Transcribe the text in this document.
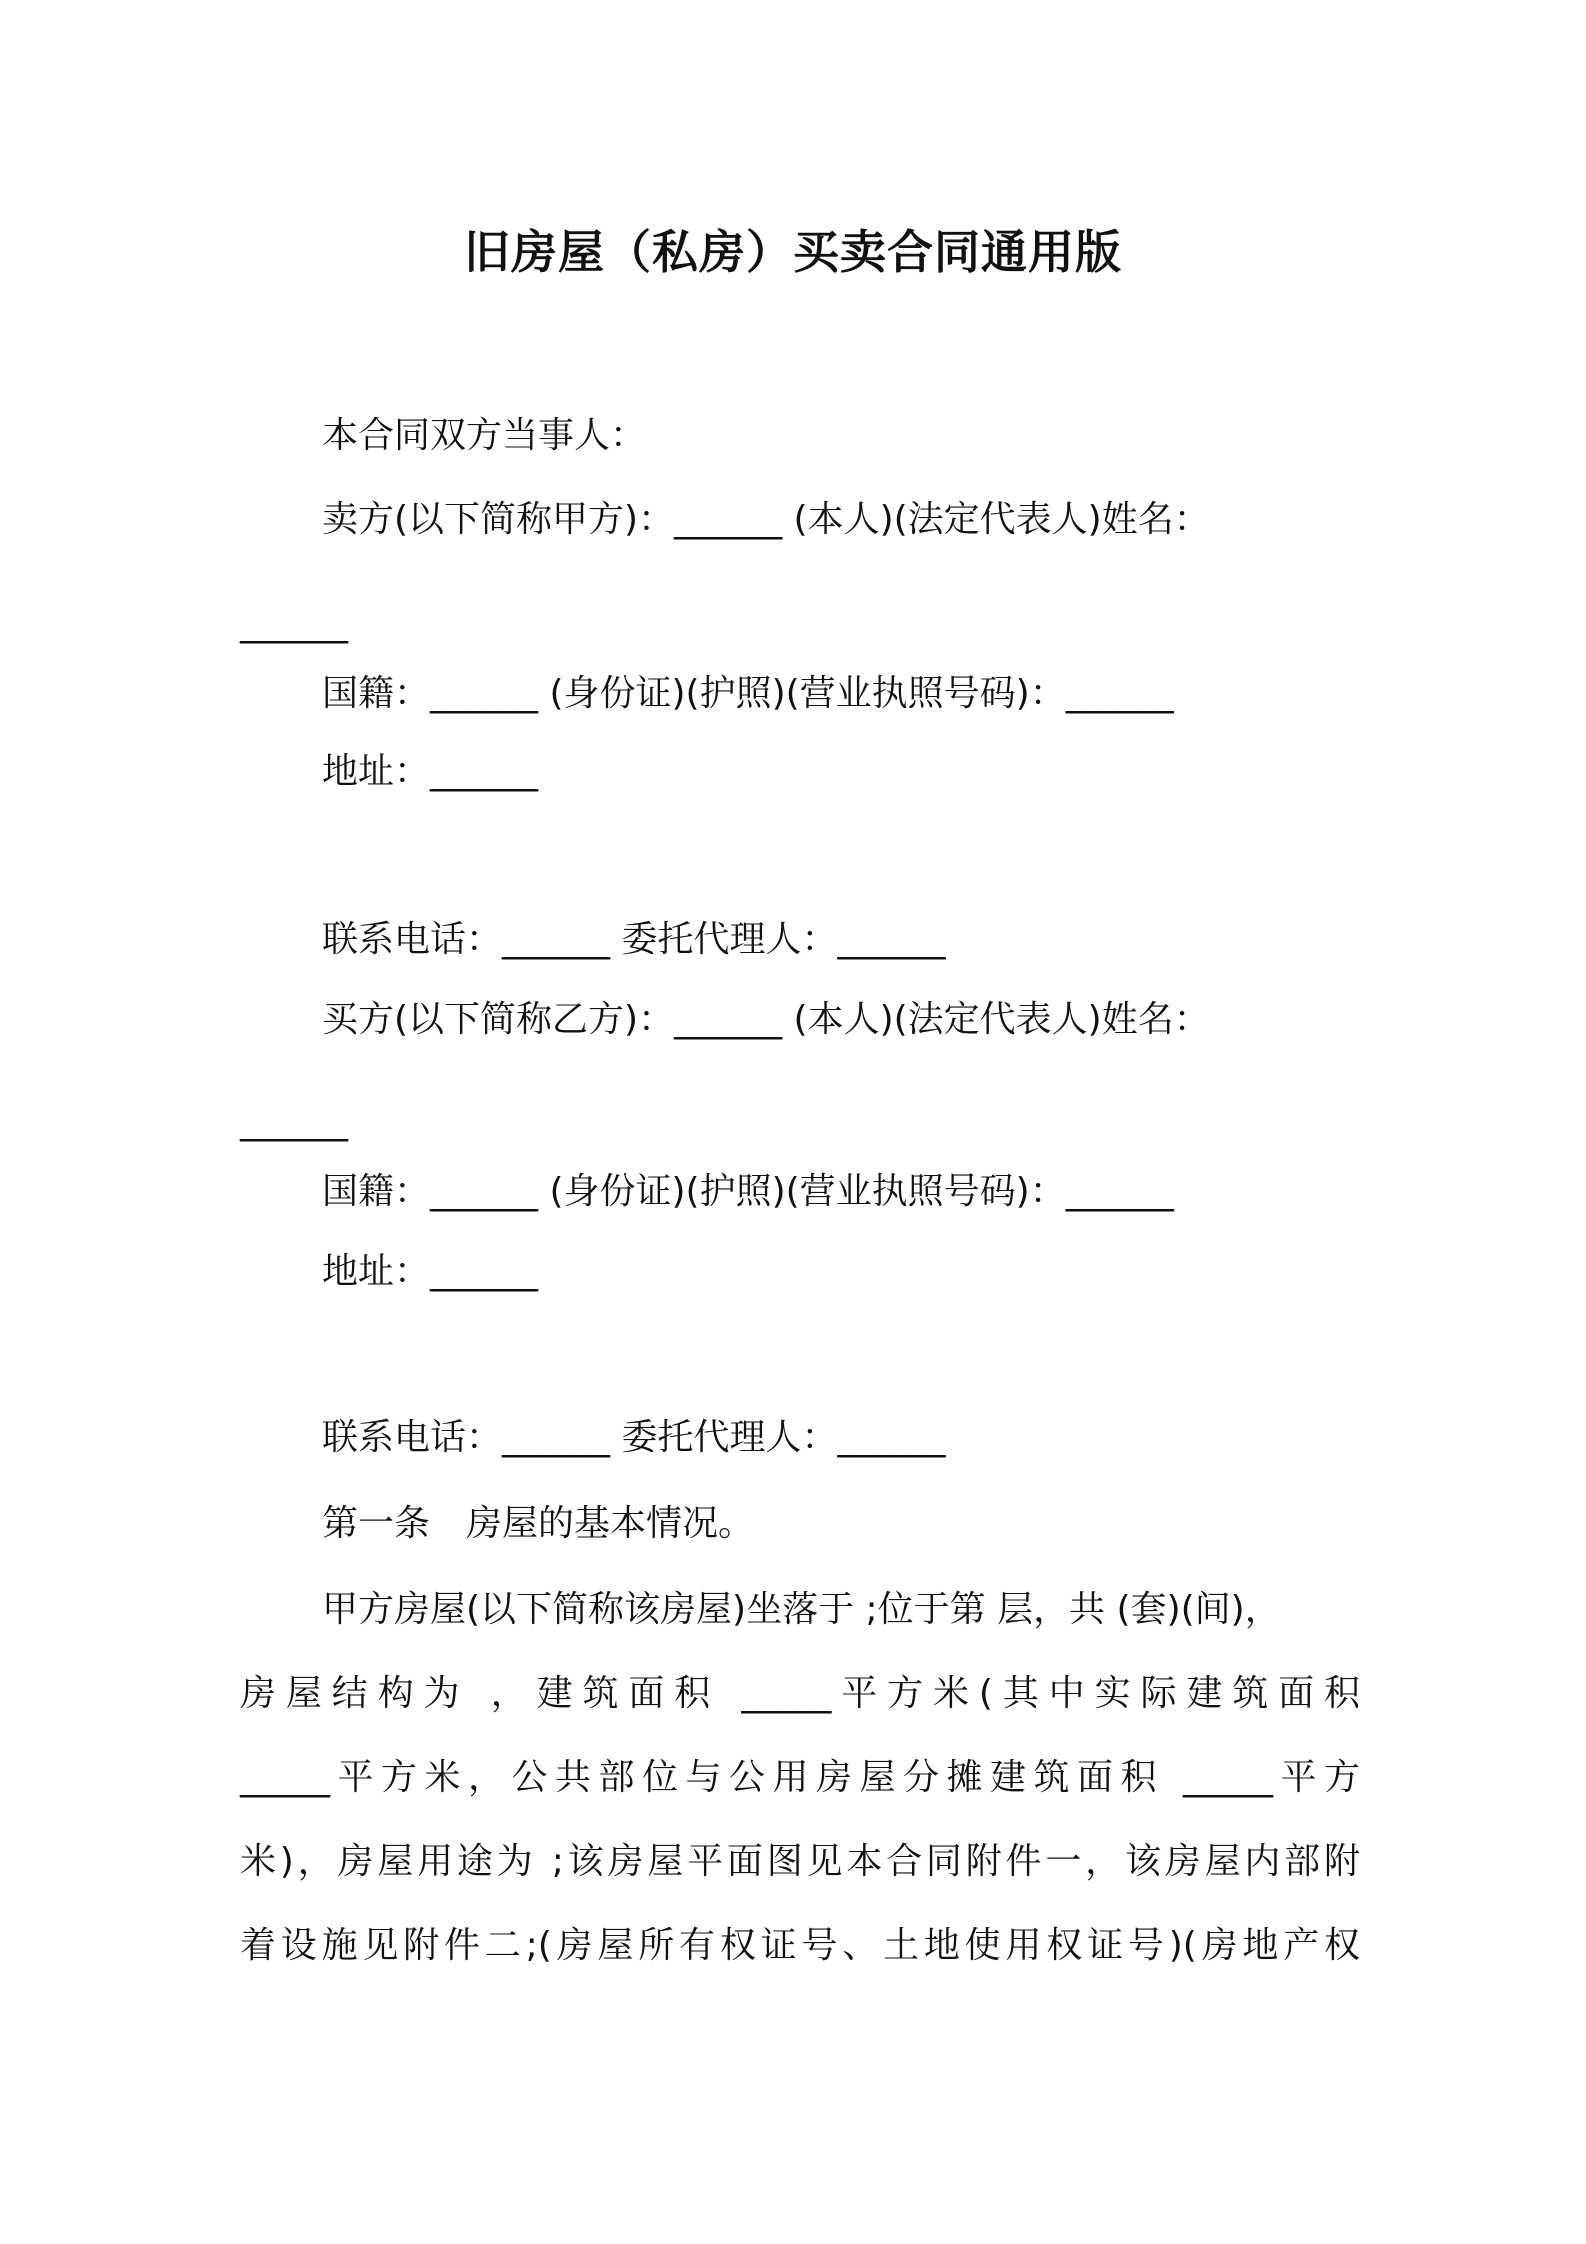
旧房屋（私房）买卖合同通用版

本合同双方当事人：

卖方(以下简称甲方)：______ (本人)(法定代表人)姓名：

______

国籍：______ (身份证)(护照)(营业执照号码)：______

地址：______

联系电话：______ 委托代理人：______

买方(以下简称乙方)：______ (本人)(法定代表人)姓名：

______

国籍：______ (身份证)(护照)(营业执照号码)：______

地址：______

联系电话：______ 委托代理人：______

第一条　房屋的基本情况。

甲方房屋(以下简称该房屋)坐落于 ;位于第 层，共 (套)(间)，

房屋结构为 ，建筑面积 _____平方米(其中实际建筑面积

_____平方米，公共部位与公用房屋分摊建筑面积 _____平方

米)，房屋用途为 ;该房屋平面图见本合同附件一，该房屋内部附

着设施见附件二;(房屋所有权证号、土地使用权证号)(房地产权
